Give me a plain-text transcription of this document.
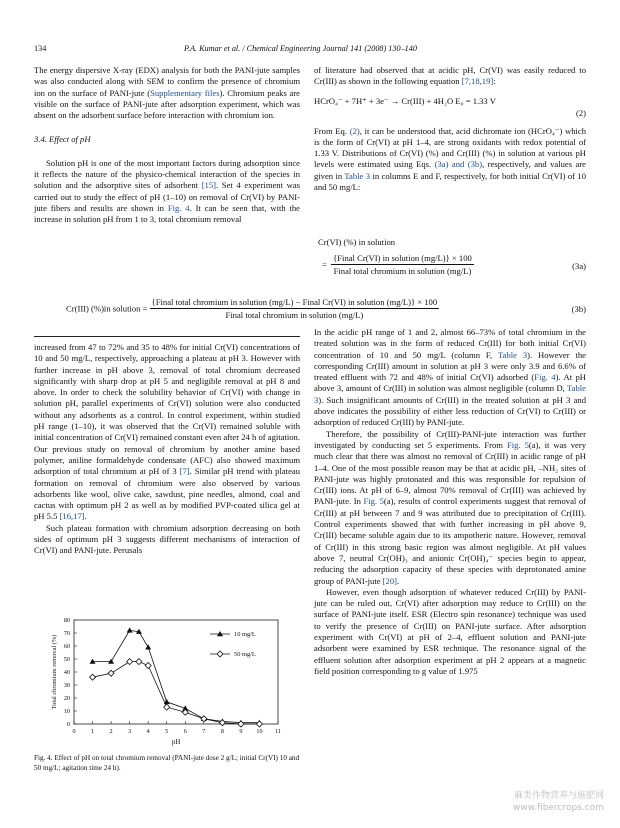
134	P.A. Kumar et al. / Chemical Engineering Journal 141 (2008) 130–140

The energy dispersive X-ray (EDX) analysis for both the PANI-jute samples was also conducted along with SEM to confirm the presence of chromium ion on the surface of PANI-jute (Supplementary files). Chromium peaks are visible on the surface of PANI-jute after adsorption experiment, which was absent on the adsorbent surface before interaction with chromium ion.

3.4. Effect of pH

Solution pH is one of the most important factors during adsorption since it reflects the nature of the physico-chemical interaction of the species in solution and the adsorptive sites of adsorbent [15]. Set 4 experiment was carried out to study the effect of pH (1–10) on removal of Cr(VI) by PANI-jute fibers and results are shown in Fig. 4. It can be seen that, with the increase in solution pH from 1 to 3, total chromium removal

of literature had observed that at acidic pH, Cr(VI) was easily reduced to Cr(III) as shown in the following equation [7,18,19]:

HCrO₄⁻ + 7H⁺ + 3e⁻ → Cr(III) + 4H₂O E₀ = 1.33 V
(2)

From Eq. (2), it can be understood that, acid dichromate ion (HCrO₄⁻) which is the form of Cr(VI) at pH 1–4, are strong oxidants with redox potential of 1.33 V. Distributions of Cr(VI) (%) and Cr(III) (%) in solution at various pH levels were estimated using Eqs. (3a) and (3b), respectively, and values are given in Table 3 in columns E and F, respectively, for both initial Cr(VI) of 10 and 50 mg/L:

Cr(VI) (%) in solution
= $\frac{\text{\{Final Cr(VI) in solution (mg/L)\} × 100}}{\text{Final total chromium in solution (mg/L)}}$	(3a)
Cr(III) (%)in solution =
{Final total chromium in solution (mg/L) − Final Cr(VI) in solution (mg/L)} × 100
Final total chromium in solution (mg/L)
(3b)

increased from 47 to 72% and 35 to 48% for initial Cr(VI) concentrations of 10 and 50 mg/L, respectively, approaching a plateau at pH 3. However with further increase in pH above 3, removal of total chromium decreased significantly with sharp drop at pH 5 and negligible removal at pH 8 and above. In order to check the solubility behavior of Cr(VI) with change in solution pH, parallel experiments of Cr(VI) solution were also conducted without any adsorbents as a control. In control experiment, within studied pH range (1–10), it was observed that the Cr(VI) remained soluble with initial concentration of Cr(VI) remained constant even after 24 h of agitation. Our previous study on removal of chromium by another amine based polymer, aniline formaldehyde condensate (AFC) also showed maximum adsorption of total chromium at pH of 3 [7]. Similar pH trend with plateau formation on removal of chromium were also observed by various adsorbents like wool, olive cake, sawdust, pine needles, almond, coal and cactus with optimum pH 2 as well as by modified PVP-coated silica gel at pH 5.5 [16,17].

Such plateau formation with chromium adsorption decreasing on both sides of optimum pH 3 suggests different mechanisms of interaction of Cr(VI) and PANI-jute. Perusals

0 1 2 3 4 5 6 7 8 9 10 11
0
10
20
30
40
50
60
70
80
pH
Total chromium removal (%)	10 mg/L
50 mg/L
Fig. 4. Effect of pH on total chromium removal (PANI-jute dose 2 g/L; initial Cr(VI) 10 and 50 mg/L; agitation time 24 h).

In the acidic pH range of 1 and 2, almost 66–73% of total chromium in the treated solution was in the form of reduced Cr(III) for both initial Cr(VI) concentration of 10 and 50 mg/L (column F, Table 3). However the corresponding Cr(III) amount in solution at pH 3 were only 3.9 and 6.6% of treated effluent with 72 and 48% of initial Cr(VI) adsorbed (Fig. 4). At pH above 3, amount of Cr(III) in solution was almost negligible (column D, Table 3). Such insignificant amounts of Cr(III) in the treated solution at pH 3 and above indicates the possibility of either less reduction of Cr(VI) to Cr(III) or adsorption of reduced Cr(III) by PANI-jute.

Therefore, the possibility of Cr(III)-PANI-jute interaction was further investigated by conducting set 5 experiments. From Fig. 5(a), it was very much clear that there was almost no removal of Cr(III) in acidic range of pH 1–4. One of the most possible reason may be that at acidic pH, –NH₂ sites of PANI-jute was highly protonated and this was responsible for repulsion of Cr(III) ions. At pH of 6–9, almost 70% removal of Cr(III) was achieved by PANI-jute. In Fig. 5(a), results of control experiments suggest that removal of Cr(III) at pH between 7 and 9 was attributed due to precipitation of Cr(III). Control experiments showed that with further increasing in pH above 9, Cr(III) became soluble again due to its ampotheric nature. However, removal of Cr(III) in this strong basic region was almost negligible. At pH values above 7, neutral Cr(OH)₃ and anionic Cr(OH)₄⁻ species begin to appear, reducing the adsorption capacity of these species with deprotonated amine group of PANI-jute [20].

However, even though adsorption of whatever reduced Cr(III) by PANI-jute can be ruled out, Cr(VI) after adsorption may reduce to Cr(III) on the surface of PANI-jute itself. ESR (Electro spin resonance) technique was used to verify the presence of Cr(III) on PANI-jute surface. After adsorption experiment with Cr(VI) at pH of 2–4, effluent solution and PANI-jute adsorbent were examined by ESR technique. The resonance signal of the effluent solution after adsorption experiment at pH 2 appears at a magnetic field position corresponding to g value of 1.975

麻类作物营养与施肥网
www.fibercrops.com
